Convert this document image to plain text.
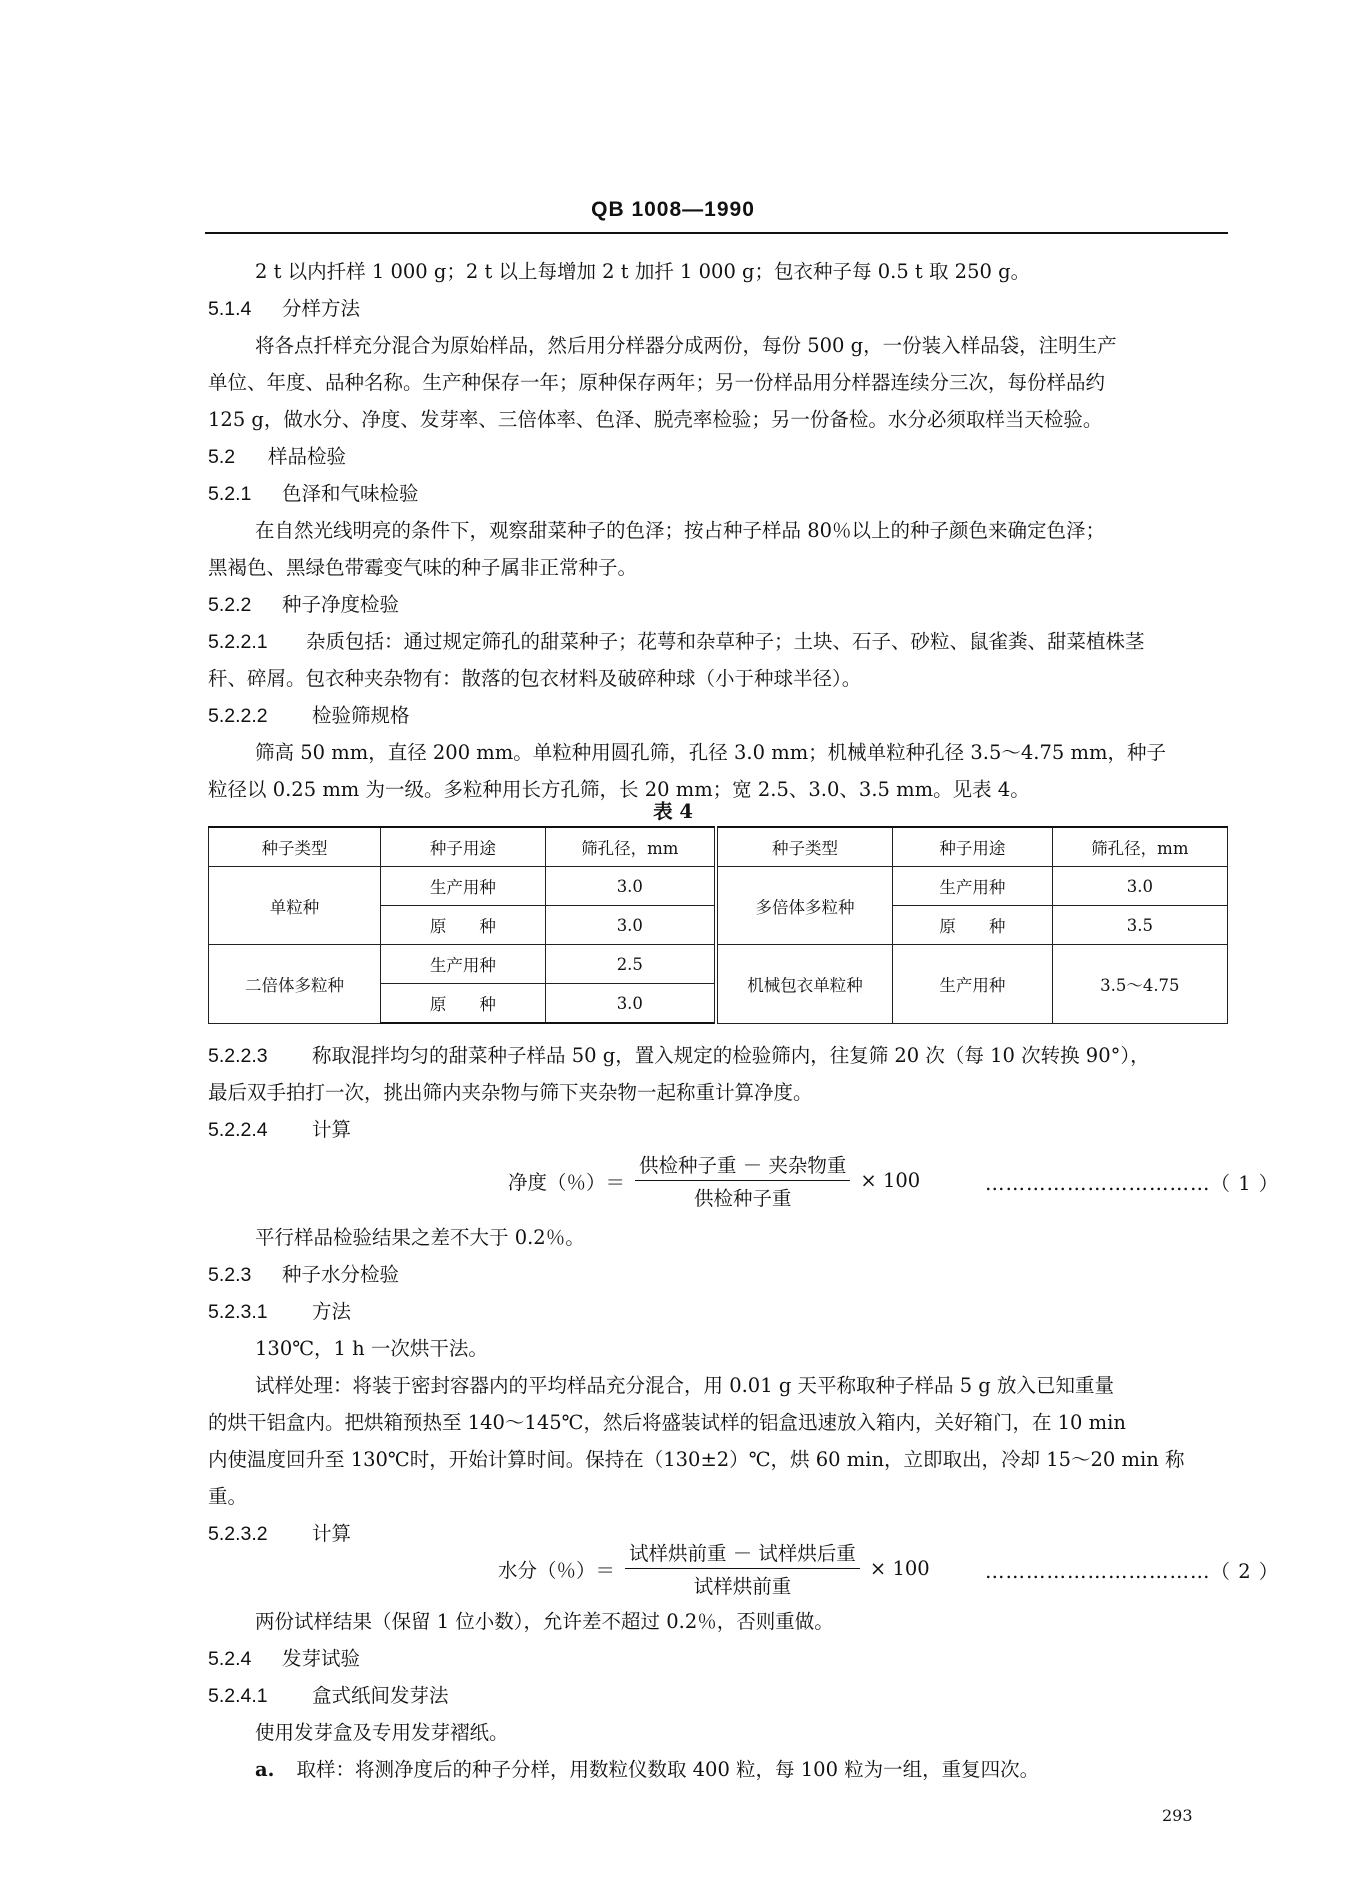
QB 1008—1990
2 t 以内扦样 1 000 g；2 t 以上每增加 2 t 加扦 1 000 g；包衣种子每 0.5 t 取 250 g。
5.1.4 分样方法
将各点扦样充分混合为原始样品，然后用分样器分成两份，每份 500 g，一份装入样品袋，注明生产
单位、年度、品种名称。生产种保存一年；原种保存两年；另一份样品用分样器连续分三次，每份样品约
125 g，做水分、净度、发芽率、三倍体率、色泽、脱壳率检验；另一份备检。水分必须取样当天检验。
5.2 样品检验
5.2.1 色泽和气味检验
在自然光线明亮的条件下，观察甜菜种子的色泽；按占种子样品 80％以上的种子颜色来确定色泽；
黑褐色、黑绿色带霉变气味的种子属非正常种子。
5.2.2 种子净度检验
5.2.2.1 杂质包括：通过规定筛孔的甜菜种子；花萼和杂草种子；土块、石子、砂粒、鼠雀粪、甜菜植株茎
秆、碎屑。包衣种夹杂物有：散落的包衣材料及破碎种球（小于种球半径）。
5.2.2.2 检验筛规格
筛高 50 mm，直径 200 mm。单粒种用圆孔筛，孔径 3.0 mm；机械单粒种孔径 3.5～4.75 mm，种子
粒径以 0.25 mm 为一级。多粒种用长方孔筛，长 20 mm；宽 2.5、3.0、3.5 mm。见表 4。
表 4
种子类型	种子用途	筛孔径，mm	种子类型	种子用途	筛孔径，mm
单粒种	生产用种	3.0	多倍体多粒种	生产用种	3.0
	原　　种	3.0		原　　种	3.5
二倍体多粒种	生产用种	2.5	机械包衣单粒种	生产用种	3.5～4.75
	原　　种	3.0			
5.2.2.3 称取混拌均匀的甜菜种子样品 50 g，置入规定的检验筛内，往复筛 20 次（每 10 次转换 90°），
最后双手拍打一次，挑出筛内夹杂物与筛下夹杂物一起称重计算净度。
5.2.2.4 计算
净度（％）＝ $\frac{\text{供检种子重 － 夹杂物重}}{\text{供检种子重}} \times 100$	……………………………（ 1 ）
平行样品检验结果之差不大于 0.2％。
5.2.3 种子水分检验
5.2.3.1 方法
130℃，1 h 一次烘干法。
试样处理：将装于密封容器内的平均样品充分混合，用 0.01 g 天平称取种子样品 5 g 放入已知重量
的烘干铝盒内。把烘箱预热至 140～145℃，然后将盛装试样的铝盒迅速放入箱内，关好箱门，在 10 min
内使温度回升至 130℃时，开始计算时间。保持在（130±2）℃，烘 60 min，立即取出，冷却 15～20 min 称
重。
5.2.3.2 计算
水分（％）＝ $\frac{\text{试样烘前重 － 试样烘后重}}{\text{试样烘前重}} \times 100$	……………………………（ 2 ）
两份试样结果（保留 1 位小数），允许差不超过 0.2％，否则重做。
5.2.4 发芽试验
5.2.4.1 盒式纸间发芽法
使用发芽盒及专用发芽褶纸。
a. 取样：将测净度后的种子分样，用数粒仪数取 400 粒，每 100 粒为一组，重复四次。
293
